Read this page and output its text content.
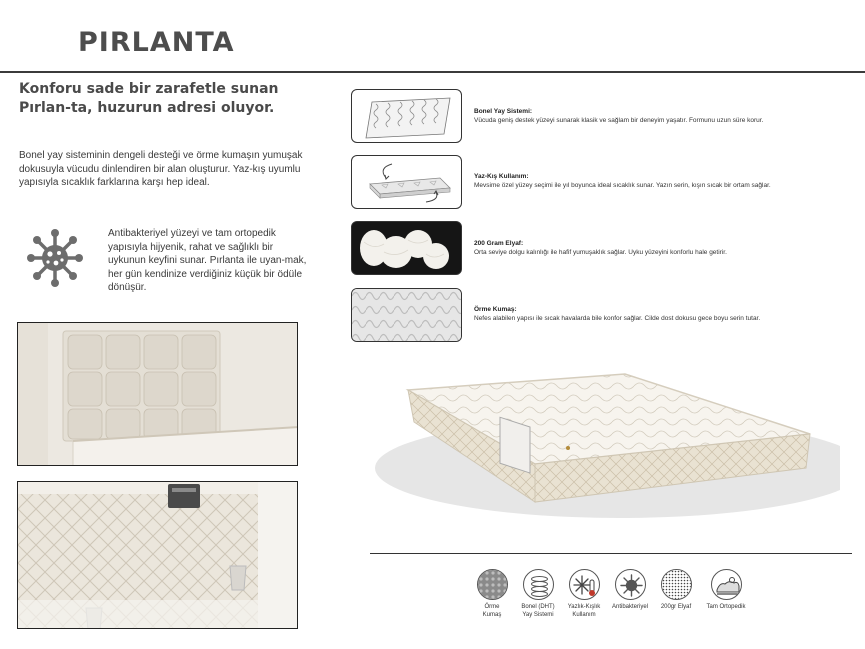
PIRLANTA
Konforu sade bir zarafetle sunan Pırlan-ta, huzurun adresi oluyor.
Bonel yay sisteminin dengeli desteği ve örme kumaşın yumuşak dokusuyla vücudu dinlendiren bir alan oluşturur. Yaz-kış uyumlu yapısıyla sıcaklık farklarına karşı hep ideal.
Antibakteriyel yüzeyi ve tam ortopedik yapısıyla hijyenik, rahat ve sağlıklı bir uykunun keyfini sunar. Pırlanta ile uyan-mak, her gün kendinize verdiğiniz küçük bir ödüle dönüşür.
Bonel Yay Sistemi:
Vücuda geniş destek yüzeyi sunarak klasik ve sağlam bir deneyim yaşatır. Formunu uzun süre korur.
Yaz-Kış Kullanım:
Mevsime özel yüzey seçimi ile yıl boyunca ideal sıcaklık sunar. Yazın serin, kışın sıcak bir ortam sağlar.
200 Gram Elyaf:
Orta seviye dolgu kalınlığı ile hafif yumuşaklık sağlar. Uyku yüzeyini konforlu hale getirir.
Örme Kumaş:
Nefes alabilen yapısı ile sıcak havalarda bile konfor sağlar. Cilde dost dokusu gece boyu serin tutar.
Örme
Kumaş
Bonel (DHT)
Yay Sistemi
Yazlık-Kışlık
Kullanım
Antibakteriyel	200gr Elyaf	Tam Ortopedik
